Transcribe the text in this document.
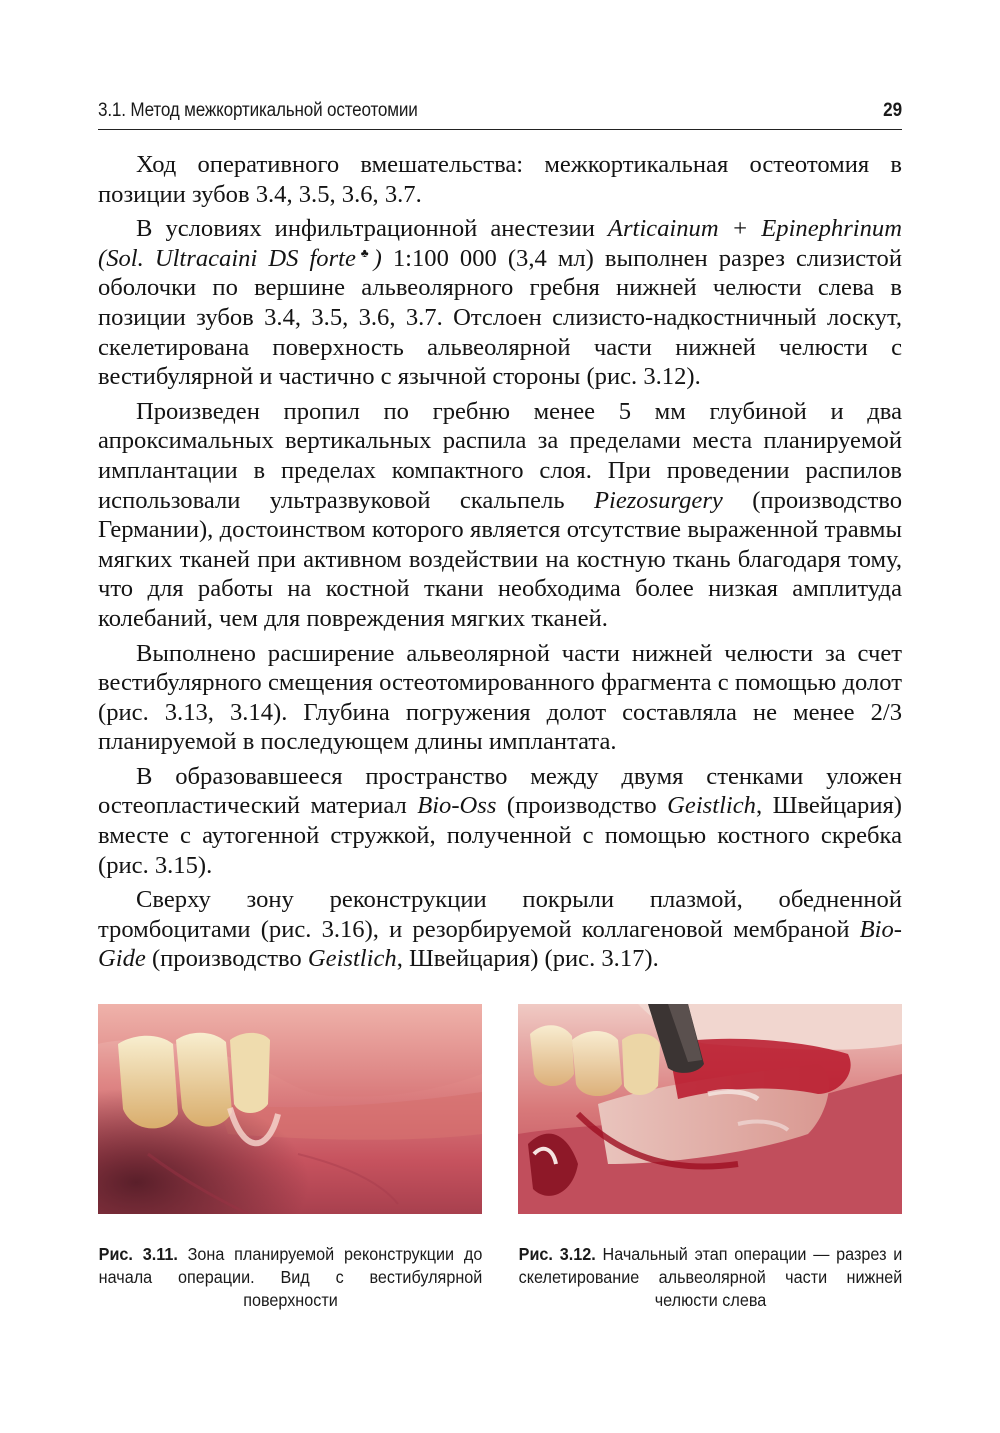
3.1. Метод межкортикальной остеотомии	29

Ход оперативного вмешательства: межкортикальная остеотомия в позиции зубов 3.4, 3.5, 3.6, 3.7.

В условиях инфильтрационной анестезии Articainum + Epinephrinum (Sol. Ultracaini DS forte♣) 1:100 000 (3,4 мл) выполнен разрез слизистой оболочки по вершине альвеолярного гребня нижней челюсти слева в позиции зубов 3.4, 3.5, 3.6, 3.7. Отслоен слизисто-надкостничный лоскут, скелетирована поверхность альвеолярной части нижней челюсти с вестибулярной и частично с язычной стороны (рис. 3.12).

Произведен пропил по гребню менее 5 мм глубиной и два апроксимальных вертикальных распила за пределами места планируемой имплантации в пределах компактного слоя. При проведении распилов использовали ультразвуковой скальпель Piezosurgery (производство Германии), достоинством которого является отсутствие выраженной травмы мягких тканей при активном воздействии на костную ткань благодаря тому, что для работы на костной ткани необходима более низкая амплитуда колебаний, чем для повреждения мягких тканей.

Выполнено расширение альвеолярной части нижней челюсти за счет вестибулярного смещения остеотомированного фрагмента с помощью долот (рис. 3.13, 3.14). Глубина погружения долот составляла не менее 2/3 планируемой в последующем длины имплантата.

В образовавшееся пространство между двумя стенками уложен остеопластический материал Bio-Oss (производство Geistlich, Швейцария) вместе с аутогенной стружкой, полученной с помощью костного скребка (рис. 3.15).

Сверху зону реконструкции покрыли плазмой, обедненной тромбоцитами (рис. 3.16), и резорбируемой коллагеновой мембраной Bio-Gide (производство Geistlich, Швейцария) (рис. 3.17).

Рис. 3.11. Зона планируемой реконструкции до начала операции. Вид с вестибулярной поверхности
Рис. 3.12. Начальный этап операции — разрез и скелетирование альвеолярной части нижней челюсти слева
